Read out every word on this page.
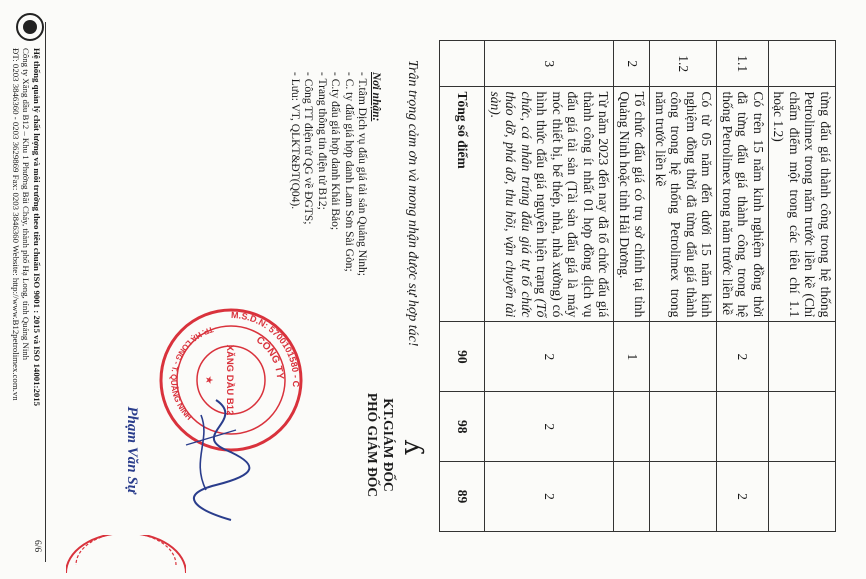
	từng đấu giá thành công trong hệ thống Petrolimex trong năm trước liền kề (Chỉ chấm điểm một trong các tiêu chí 1.1 hoặc 1.2)			
1.1	Có trên 15 năm kinh nghiệm đồng thời đã từng đấu giá thành công trong hệ thống Petrolimex trong năm trước liền kề	2		2
1.2	Có từ 05 năm đến dưới 15 năm kinh nghiệm đồng thời đã từng đấu giá thành công trong hệ thống Petrolimex trong năm trước liền kề			
2	Tổ chức đấu giá có trụ sở chính tại tỉnh Quảng Ninh hoặc tỉnh Hải Dương.	1		
3	Từ năm 2023 đến nay đã tổ chức đấu giá thành công ít nhất 01 hợp đồng dịch vụ đấu giá tài sản (Tài sản đấu giá là máy móc thiết bị, bể thép, nhà, nhà xưởng) có hình thức đấu giá nguyên hiện trạng (Tổ chức, cá nhân trúng đấu giá tự tổ chức tháo dỡ, phá dỡ, thu hồi, vận chuyển tài sản).	2	2	2
	Tổng số điểm	90	98	89
Trân trọng cảm ơn và mong nhận được sự hợp tác!
ʎ
Nơi nhận:
- T.tâm Dịch vụ đấu giá tài sản Quảng Ninh;
- C. ty đấu giá hợp danh Lam Sơn Sài Gòn;
- C.ty đấu giá hợp danh Khải Bảo;
- Trang thông tin điện tử B12;
- Công TT điện tử QG về ĐGTS;
- Lưu: VT, QLKT&ĐT(Q04).
KT.GIÁM ĐỐC
PHÓ GIÁM ĐỐC
M.S.D.N: 5700101580 - C
CÔNG TY
TP. HẠ LONG - T. QUẢNG NINH
XĂNG DẦU B12
★
Phạm Văn Sự
Hệ thống quản lý chất lượng và môi trường theo tiêu chuẩn ISO 9001 : 2015 và ISO 14001:2015
Công ty Xăng dầu B12 – Khu 1 Phường Bãi Cháy, thành phố Hạ Long, tỉnh Quảng Ninh
ĐT: 0203 3846360 - 0203 3629869 Fax: 0203 3846360 Website: http://www.B12petrolimex.com.vn
6/6
